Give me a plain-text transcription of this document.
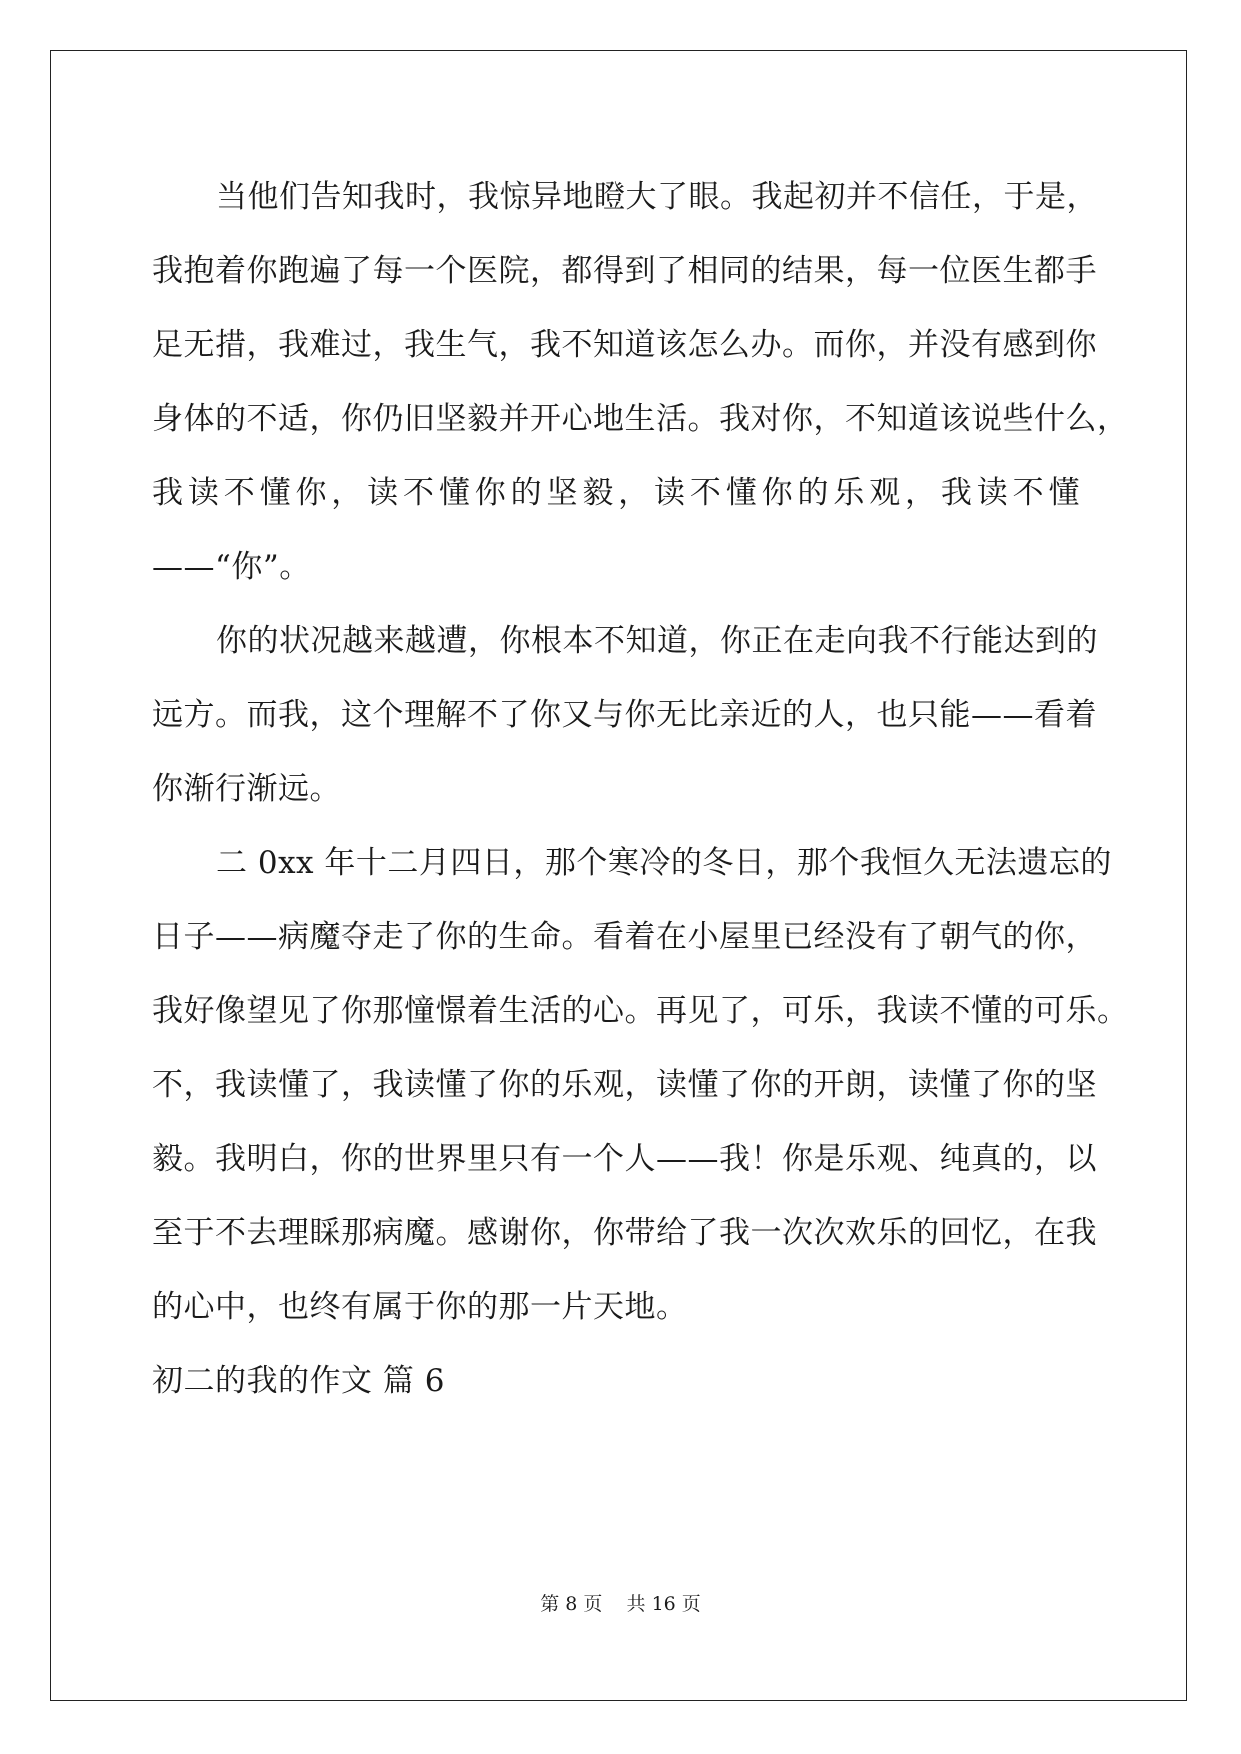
当他们告知我时，我惊异地瞪大了眼。我起初并不信任，于是，
我抱着你跑遍了每一个医院，都得到了相同的结果，每一位医生都手
足无措，我难过，我生气，我不知道该怎么办。而你，并没有感到你
身体的不适，你仍旧坚毅并开心地生活。我对你，不知道该说些什么，
我读不懂你，读不懂你的坚毅，读不懂你的乐观，我读不懂
——“你”。
你的状况越来越遭，你根本不知道，你正在走向我不行能达到的
远方。而我，这个理解不了你又与你无比亲近的人，也只能——看着
你渐行渐远。
二 0xx 年十二月四日，那个寒冷的冬日，那个我恒久无法遗忘的
日子——病魔夺走了你的生命。看着在小屋里已经没有了朝气的你，
我好像望见了你那憧憬着生活的心。再见了，可乐，我读不懂的可乐。
不，我读懂了，我读懂了你的乐观，读懂了你的开朗，读懂了你的坚
毅。我明白，你的世界里只有一个人——我！你是乐观、纯真的，以
至于不去理睬那病魔。感谢你，你带给了我一次次欢乐的回忆，在我
的心中，也终有属于你的那一片天地。
初二的我的作文 篇 6
第 8 页    共 16 页
